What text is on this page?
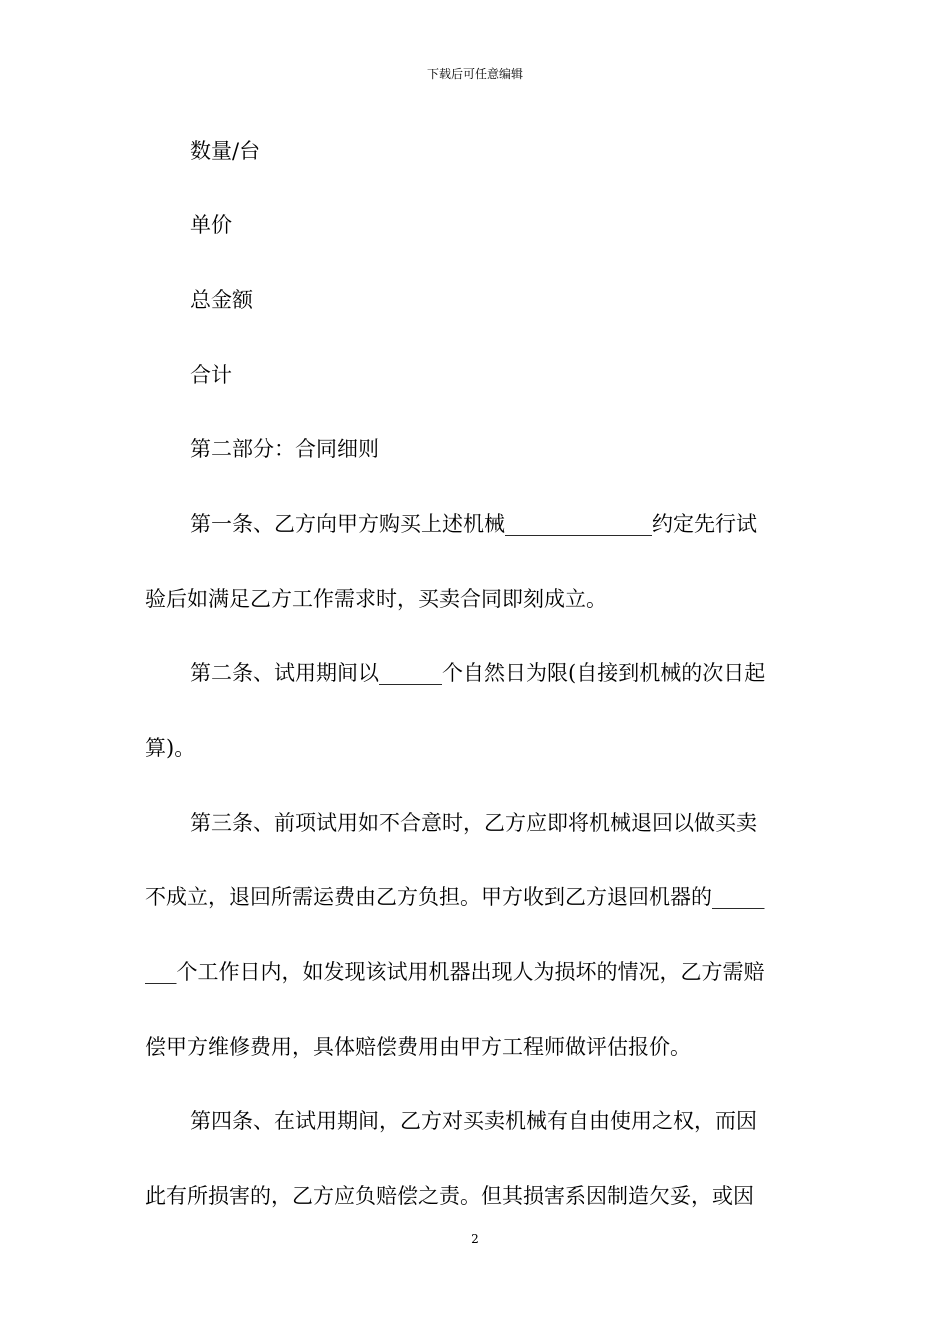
下载后可任意编辑
数量/台
单价
总金额
合计
第二部分：合同细则
第一条、乙方向甲方购买上述机械______________约定先行试
验后如满足乙方工作需求时，买卖合同即刻成立。
第二条、试用期间以______个自然日为限(自接到机械的次日起
算)。
第三条、前项试用如不合意时，乙方应即将机械退回以做买卖
不成立，退回所需运费由乙方负担。甲方收到乙方退回机器的_____
___个工作日内，如发现该试用机器出现人为损坏的情况，乙方需赔
偿甲方维修费用，具体赔偿费用由甲方工程师做评估报价。
第四条、在试用期间，乙方对买卖机械有自由使用之权，而因
此有所损害的，乙方应负赔偿之责。但其损害系因制造欠妥，或因
2
